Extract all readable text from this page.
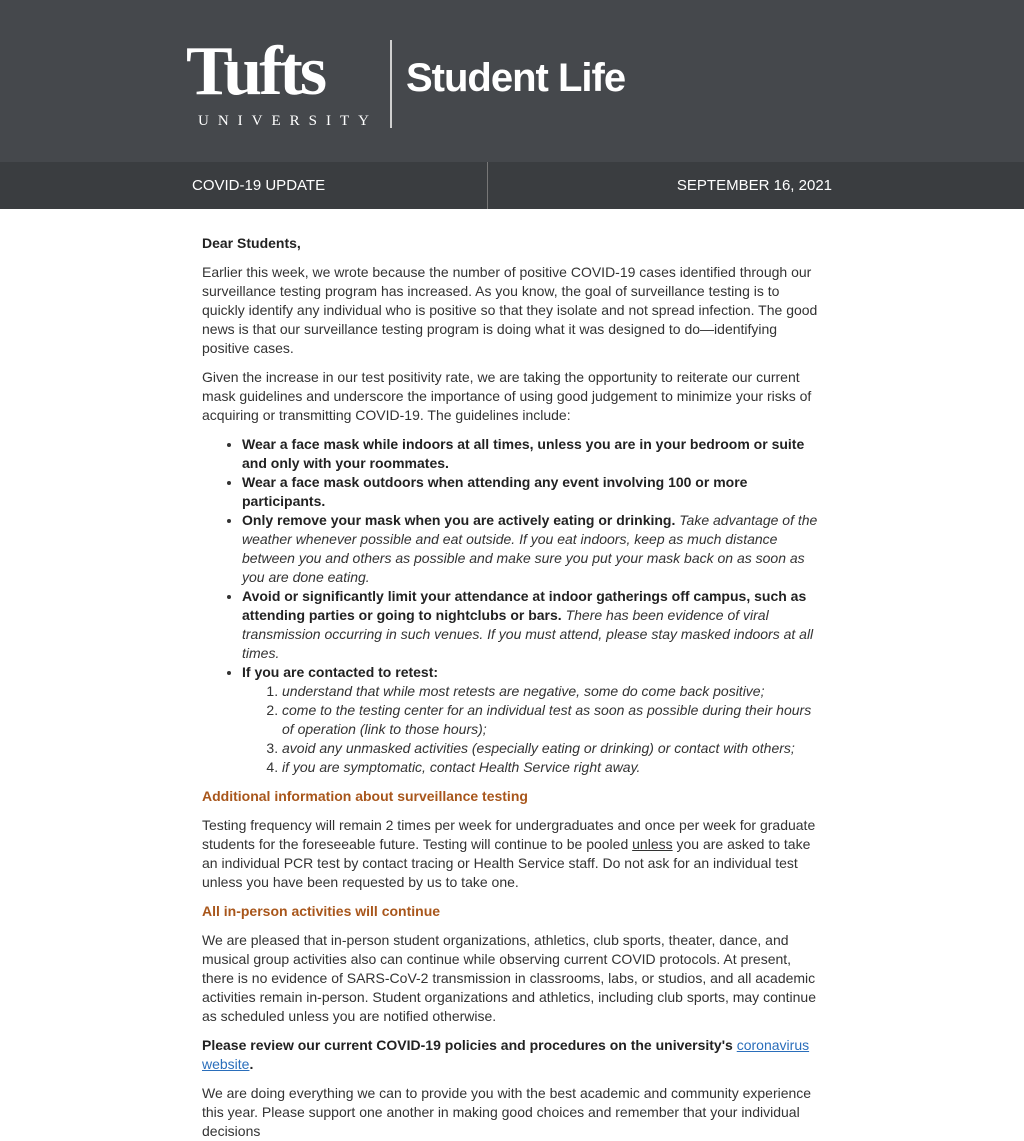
Tufts
UNIVERSITY
Student Life
COVID-19 UPDATE	SEPTEMBER 16, 2021

Dear Students,

Earlier this week, we wrote because the number of positive COVID-19 cases identified through our surveillance testing program has increased. As you know, the goal of surveillance testing is to quickly identify any individual who is positive so that they isolate and not spread infection. The good news is that our surveillance testing program is doing what it was designed to do—identifying positive cases.

Given the increase in our test positivity rate, we are taking the opportunity to reiterate our current mask guidelines and underscore the importance of using good judgement to minimize your risks of acquiring or transmitting COVID-19. The guidelines include:

• Wear a face mask while indoors at all times, unless you are in your bedroom or suite and only with your roommates.
• Wear a face mask outdoors when attending any event involving 100 or more participants.
• Only remove your mask when you are actively eating or drinking. Take advantage of the weather whenever possible and eat outside. If you eat indoors, keep as much distance between you and others as possible and make sure you put your mask back on as soon as you are done eating.
• Avoid or significantly limit your attendance at indoor gatherings off campus, such as attending parties or going to nightclubs or bars. There has been evidence of viral transmission occurring in such venues. If you must attend, please stay masked indoors at all times.
• If you are contacted to retest:
1. understand that while most retests are negative, some do come back positive;
2. come to the testing center for an individual test as soon as possible during their hours of operation (link to those hours);
3. avoid any unmasked activities (especially eating or drinking) or contact with others;
4. if you are symptomatic, contact Health Service right away.
Additional information about surveillance testing

Testing frequency will remain 2 times per week for undergraduates and once per week for graduate students for the foreseeable future. Testing will continue to be pooled unless you are asked to take an individual PCR test by contact tracing or Health Service staff. Do not ask for an individual test unless you have been requested by us to take one.

All in-person activities will continue

We are pleased that in-person student organizations, athletics, club sports, theater, dance, and musical group activities also can continue while observing current COVID protocols. At present, there is no evidence of SARS-CoV-2 transmission in classrooms, labs, or studios, and all academic activities remain in-person. Student organizations and athletics, including club sports, may continue as scheduled unless you are notified otherwise.

Please review our current COVID-19 policies and procedures on the university's coronavirus website.

We are doing everything we can to provide you with the best academic and community experience this year. Please support one another in making good choices and remember that your individual decisions
